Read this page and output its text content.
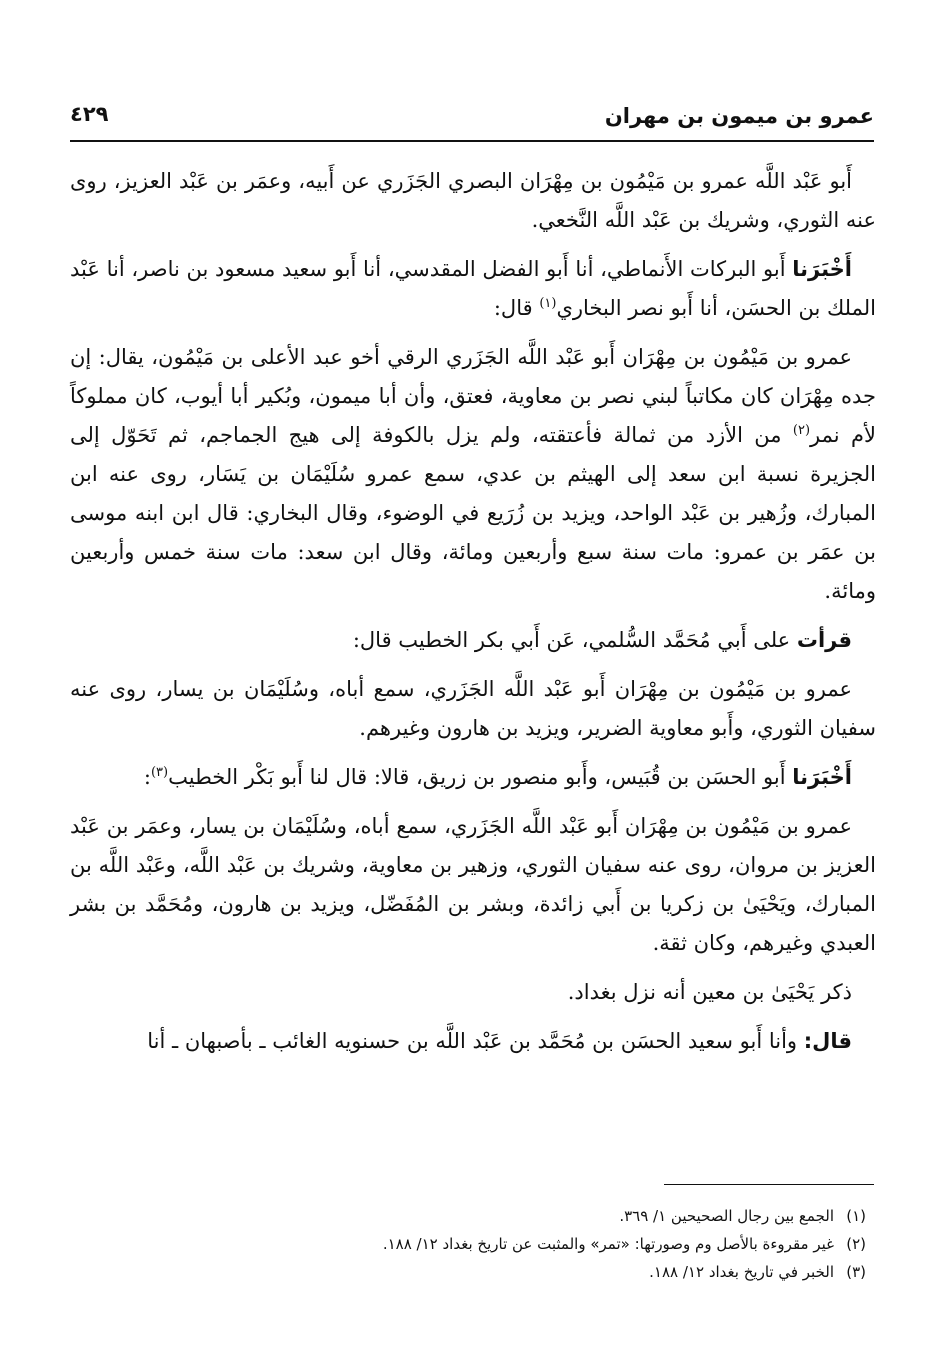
عمرو بن ميمون بن مهران
٤٢٩

أَبو عَبْد اللَّه عمرو بن مَيْمُون بن مِهْرَان البصري الجَزَري عن أَبيه، وعمَر بن عَبْد العزيز، روى عنه الثوري، وشريك بن عَبْد اللَّه النَّخعي.

أَخْبَرَنا أَبو البركات الأَنماطي، أنا أَبو الفضل المقدسي، أنا أَبو سعيد مسعود بن ناصر، أنا عَبْد الملك بن الحسَن، أنا أَبو نصر البخاري$^{(١)}$ قال:

عمرو بن مَيْمُون بن مِهْرَان أَبو عَبْد اللَّه الجَزَري الرقي أخو عبد الأعلى بن مَيْمُون، يقال: إن جده مِهْرَان كان مكاتباً لبني نصر بن معاوية، فعتق، وأن أبا ميمون، وبُكير أبا أيوب، كان مملوكاً لأم نمر$^{(٢)}$ من الأزد من ثمالة فأعتقته، ولم يزل بالكوفة إلى هيج الجماجم، ثم تَحَوّل إلى الجزيرة نسبة ابن سعد إلى الهيثم بن عدي، سمع عمرو سُلَيْمَان بن يَسَار، روى عنه ابن المبارك، وزُهير بن عَبْد الواحد، ويزيد بن زُرَيع في الوضوء، وقال البخاري: قال ابن ابنه موسى بن عمَر بن عمرو: مات سنة سبع وأربعين ومائة، وقال ابن سعد: مات سنة خمس وأربعين ومائة.

قرأت على أَبي مُحَمَّد السُّلمي، عَن أَبي بكر الخطيب قال:

عمرو بن مَيْمُون بن مِهْرَان أَبو عَبْد اللَّه الجَزَري، سمع أباه، وسُلَيْمَان بن يسار، روى عنه سفيان الثوري، وأَبو معاوية الضرير، ويزيد بن هارون وغيرهم.

أَخْبَرَنا أَبو الحسَن بن قُبَيس، وأَبو منصور بن زريق، قالا: قال لنا أَبو بَكْر الخطيب$^{(٣)}$:

عمرو بن مَيْمُون بن مِهْرَان أَبو عَبْد اللَّه الجَزَري، سمع أباه، وسُلَيْمَان بن يسار، وعمَر بن عَبْد العزيز بن مروان، روى عنه سفيان الثوري، وزهير بن معاوية، وشريك بن عَبْد اللَّه، وعَبْد اللَّه بن المبارك، ويَحْيَىٰ بن زكريا بن أَبي زائدة، وبشر بن المُفَضّل، ويزيد بن هارون، ومُحَمَّد بن بشر العبدي وغيرهم، وكان ثقة.

ذكر يَحْيَىٰ بن معين أنه نزل بغداد.

قال: وأنا أَبو سعيد الحسَن بن مُحَمَّد بن عَبْد اللَّه بن حسنويه الغائب ـ بأصبهان ـ أنا

(١)الجمع بين رجال الصحيحين ١/ ٣٦٩.
(٢)غير مقروءة بالأصل وم وصورتها: «تمر» والمثبت عن تاريخ بغداد ١٢/ ١٨٨.
(٣)الخبر في تاريخ بغداد ١٢/ ١٨٨.
